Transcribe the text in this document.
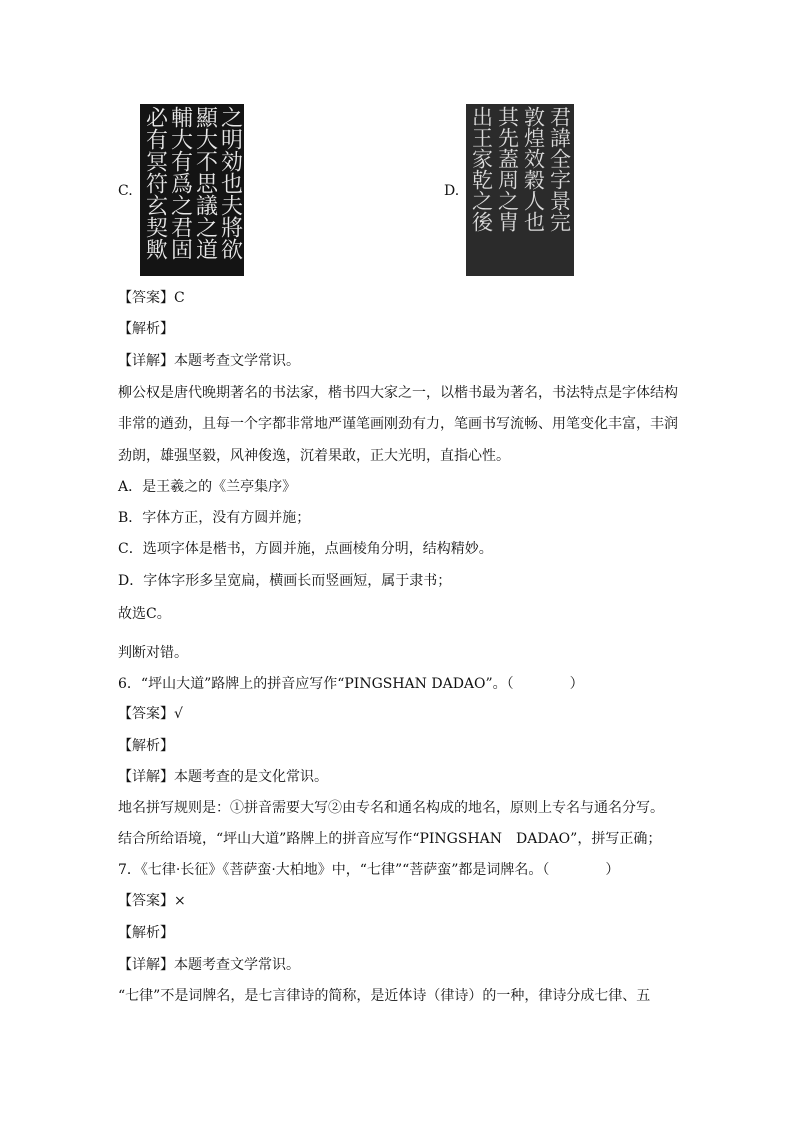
C.	之明効也夫將欲
顯大不思議之道
輔大有爲之君固
必有冥符玄契歟	D.	君諱全字景完
敦煌效穀人也
其先蓋周之胄
出王家乾之後
【答案】C
【解析】
【详解】本题考查文学常识。
柳公权是唐代晚期著名的书法家，楷书四大家之一，以楷书最为著名，书法特点是字体结构
非常的遒劲，且每一个字都非常地严谨笔画刚劲有力，笔画书写流畅、用笔变化丰富，丰润
劲朗，雄强坚毅，风神俊逸，沉着果敢，正大光明，直指心性。
A．是王羲之的《兰亭集序》
B．字体方正，没有方圆并施；
C．选项字体是楷书，方圆并施，点画棱角分明，结构精妙。
D．字体字形多呈宽扁，横画长而竖画短，属于隶书；
故选C。
判断对错。
6．“坪山大道”路牌上的拼音应写作“PINGSHAN DADAO”。（　　　　）
【答案】√
【解析】
【详解】本题考查的是文化常识。
地名拼写规则是：①拼音需要大写②由专名和通名构成的地名，原则上专名与通名分写。
结合所给语境，“坪山大道”路牌上的拼音应写作“PINGSHAN　DADAO”，拼写正确；
7．《七律·长征》《菩萨蛮·大柏地》中，“七律”“菩萨蛮”都是词牌名。（　　　　）
【答案】×
【解析】
【详解】本题考查文学常识。
“七律”不是词牌名，是七言律诗的简称，是近体诗（律诗）的一种，律诗分成七律、五
